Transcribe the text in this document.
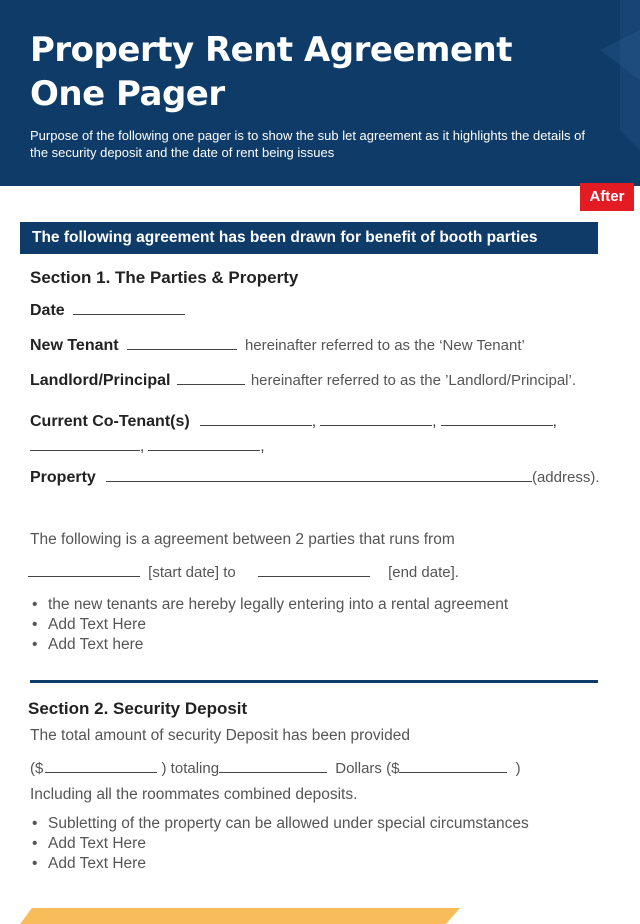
Property Rent Agreement
One Pager
Purpose of the following one pager is to show the sub let agreement as it highlights the details of the security deposit and the date of rent being issues
After
The following agreement has been drawn for benefit of booth parties
Section 1. The Parties & Property
Date
New Tenant	hereinafter referred to as the ‘New Tenant’
Landlord/Principal	hereinafter referred to as the ’Landlord/Principal’.
Current Co-Tenant(s)	,	,	,
,	,
Property	(address).
The following is a agreement between 2 parties that runs from
[start date] to	[end date].
• the new tenants are hereby legally entering into a rental agreement
• Add Text Here
• Add Text here
Section 2. Security Deposit
The total amount of security Deposit has been provided
($	) totaling	Dollars ($	)
Including all the roommates combined deposits.
• Subletting of the property can be allowed under special circumstances
• Add Text Here
• Add Text Here
